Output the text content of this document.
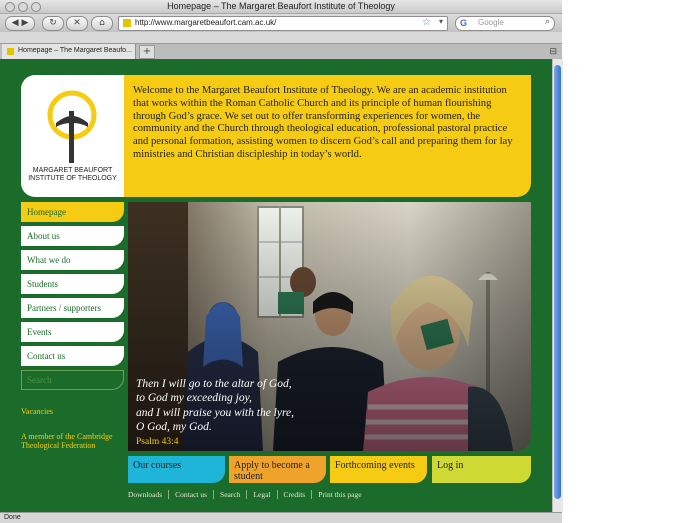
Homepage – The Margaret Beaufort Institute of Theology
◀ ▶	↻	✕	⌂	http://www.margaretbeaufort.cam.ac.uk/	☆ ▾ G Google	⌕
Homepage – The Margaret Beaufo...	+	⊟
MARGARET BEAUFORT INSTITUTE OF THEOLOGY
Welcome to the Margaret Beaufort Institute of Theology. We are an academic institution that works within the Roman Catholic Church and its principle of human flourishing through God’s grace. We set out to offer transforming experiences for women, the community and the Church through theological education, professional pastoral practice and personal formation, assisting women to discern God’s call and preparing them for lay ministries and Christian discipleship in today’s world.
Homepage
About us
What we do
Students
Partners / supporters
Events
Contact us
Search
Vacancies
A member of the Cambridge Theological Federation
Then I will go to the altar of God,
to God my exceeding joy,
and I will praise you with the lyre,
O God, my God.
Psalm 43:4
Our courses	Apply to become a student
Forthcoming events	Log in
Downloads	Contact us	Search	Legal	Credits	Print this page
Done
